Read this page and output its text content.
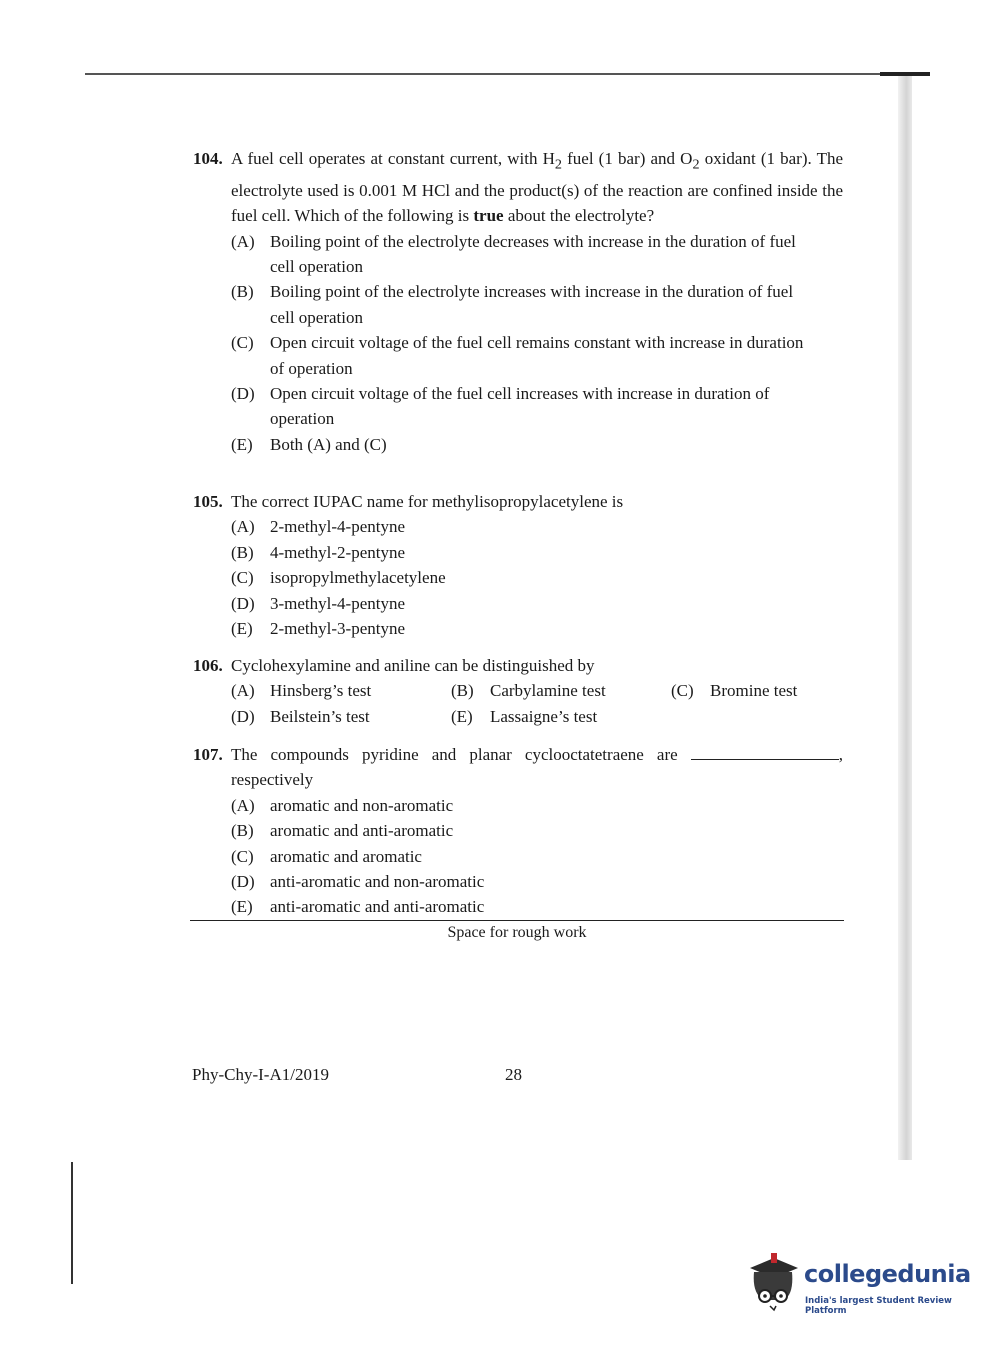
104. A fuel cell operates at constant current, with $H_2$ fuel (1 bar) and $O_2$ oxidant (1 bar). The electrolyte used is 0.001 M HCl and the product(s) of the reaction are confined inside the fuel cell. Which of the following is true about the electrolyte?
(A) Boiling point of the electrolyte decreases with increase in the duration of fuel cell operation
(B) Boiling point of the electrolyte increases with increase in the duration of fuel cell operation
(C) Open circuit voltage of the fuel cell remains constant with increase in duration of operation
(D) Open circuit voltage of the fuel cell increases with increase in duration of operation
(E)	Both (A) and (C)
105. The correct IUPAC name for methylisopropylacetylene is
(A) 2-methyl-4-pentyne
(B) 4-methyl-2-pentyne
(C) isopropylmethylacetylene
(D) 3-methyl-4-pentyne
(E)	2-methyl-3-pentyne
106. Cyclohexylamine and aniline can be distinguished by
(A) Hinsberg’s test	(B) Carbylamine test	(C) Bromine test
(D) Beilstein’s test	(E)	Lassaigne’s test
107. The compounds pyridine and planar cyclooctatetraene are	, respectively
(A) aromatic and non-aromatic
(B) aromatic and anti-aromatic
(C) aromatic and aromatic
(D) anti-aromatic and non-aromatic
(E)	anti-aromatic and anti-aromatic
Space for rough work
Phy-Chy-I-A1/2019	28
collegedunia
India's largest Student Review Platform
